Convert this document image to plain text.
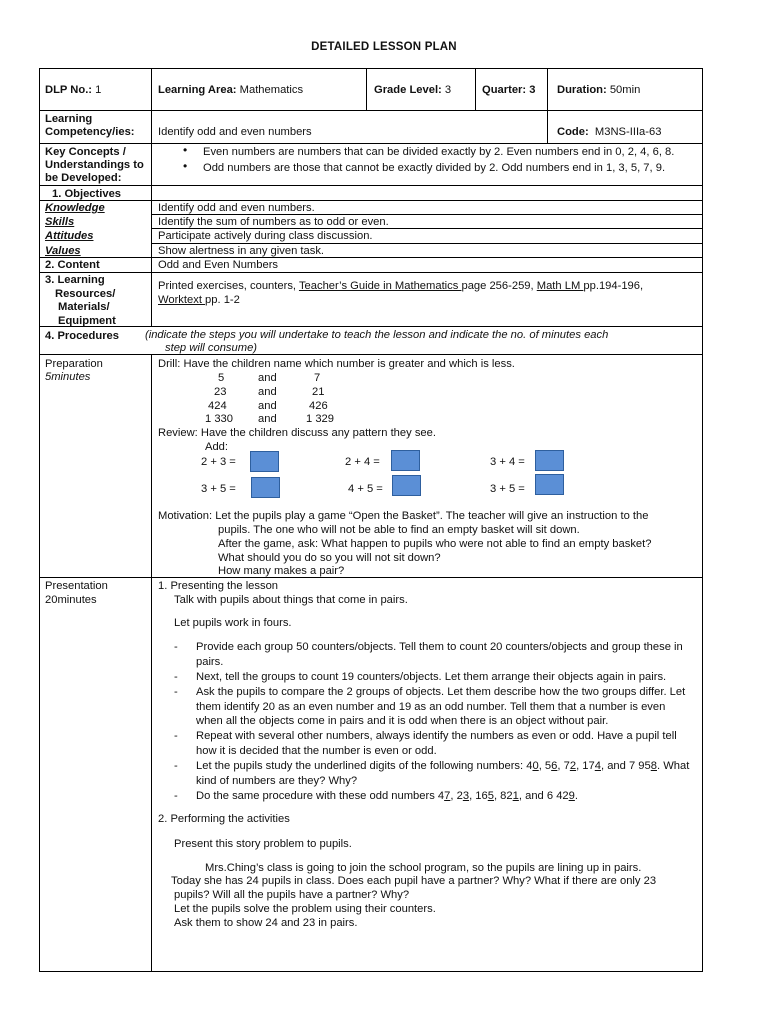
DETAILED LESSON PLAN
DLP No.: 1	Learning Area: Mathematics	Grade Level: 3	Quarter: 3 Duration: 50min
Learning
Competency/ies: Identify odd and even numbers	Code: M3NS-IIIa-63
Key Concepts /
Understandings to
be Developed:
• Even numbers are numbers that can be divided exactly by 2. Even numbers end in 0, 2, 4, 6, 8.
• Odd numbers are those that cannot be exactly divided by 2. Odd numbers end in 1, 3, 5, 7, 9.
1. Objectives
Knowledge	Identify odd and even numbers.
Skills	Identify the sum of numbers as to odd or even.
Attitudes	Participate actively during class discussion.
Values	Show alertness in any given task.
2. Content	Odd and Even Numbers
3. Learning
Resources/
Materials/
Equipment
Printed exercises, counters, Teacher’s Guide in Mathematics page 256-259, Math LM pp.194-196,
Worktext pp. 1-2
4. Procedures (indicate the steps you will undertake to teach the lesson and indicate the no. of minutes each
step will consume)
Preparation
5minutes
Drill: Have the children name which number is greater and which is less.
5	and	7
23	and	21
424	and	426
1 330 and	1 329
Review: Have the children discuss any pattern they see.
Add:
2 + 3 =	2 + 4 =	3 + 4 =
3 + 5 =	4 + 5 =	3 + 5 =
Motivation: Let the pupils play a game “Open the Basket”. The teacher will give an instruction to the
pupils. The one who will not be able to find an empty basket will sit down.
After the game, ask: What happen to pupils who were not able to find an empty basket?
What should you do so you will not sit down?
How many makes a pair?
Presentation
20minutes
1. Presenting the lesson
Talk with pupils about things that come in pairs.
Let pupils work in fours.
- Provide each group 50 counters/objects. Tell them to count 20 counters/objects and group these in
pairs.
- Next, tell the groups to count 19 counters/objects. Let them arrange their objects again in pairs.
- Ask the pupils to compare the 2 groups of objects. Let them describe how the two groups differ. Let
them identify 20 as an even number and 19 as an odd number. Tell them that a number is even
when all the objects come in pairs and it is odd when there is an object without pair.
- Repeat with several other numbers, always identify the numbers as even or odd. Have a pupil tell
how it is decided that the number is even or odd.
- Let the pupils study the underlined digits of the following numbers: 40, 56, 72, 174, and 7 958. What
kind of numbers are they? Why?
- Do the same procedure with these odd numbers 47, 23, 165, 821, and 6 429.
2. Performing the activities
Present this story problem to pupils.
Mrs.Ching’s class is going to join the school program, so the pupils are lining up in pairs.
Today she has 24 pupils in class. Does each pupil have a partner? Why? What if there are only 23
pupils? Will all the pupils have a partner? Why?
Let the pupils solve the problem using their counters.
Ask them to show 24 and 23 in pairs.
